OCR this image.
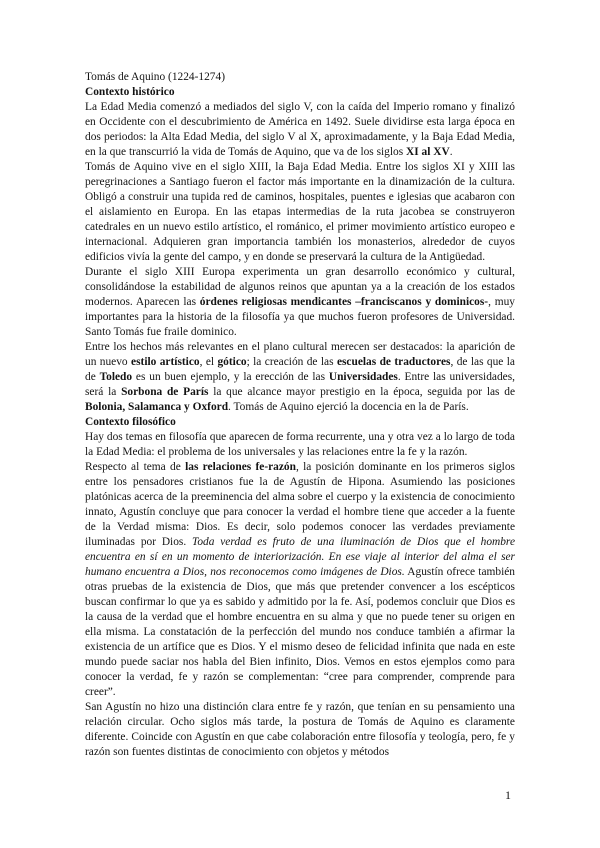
Tomás de Aquino (1224-1274)

Contexto histórico

La Edad Media comenzó a mediados del siglo V, con la caída del Imperio romano y finalizó en Occidente con el descubrimiento de América en 1492. Suele dividirse esta larga época en dos periodos: la Alta Edad Media, del siglo V al X, aproximadamente, y la Baja Edad Media, en la que transcurrió la vida de Tomás de Aquino, que va de los siglos XI al XV.

Tomás de Aquino vive en el siglo XIII, la Baja Edad Media. Entre los siglos XI y XIII las peregrinaciones a Santiago fueron el factor más importante en la dinamización de la cultura. Obligó a construir una tupida red de caminos, hospitales, puentes e iglesias que acabaron con el aislamiento en Europa. En las etapas intermedias de la ruta jacobea se construyeron catedrales en un nuevo estilo artístico, el románico, el primer movimiento artístico europeo e internacional. Adquieren gran importancia también los monasterios, alrededor de cuyos edificios vivía la gente del campo, y en donde se preservará la cultura de la Antigüedad.

Durante el siglo XIII Europa experimenta un gran desarrollo económico y cultural, consolidándose la estabilidad de algunos reinos que apuntan ya a la creación de los estados modernos. Aparecen las órdenes religiosas mendicantes –franciscanos y dominicos-, muy importantes para la historia de la filosofía ya que muchos fueron profesores de Universidad. Santo Tomás fue fraile dominico.

Entre los hechos más relevantes en el plano cultural merecen ser destacados: la aparición de un nuevo estilo artístico, el gótico; la creación de las escuelas de traductores, de las que la de Toledo es un buen ejemplo, y la erección de las Universidades. Entre las universidades, será la Sorbona de París la que alcance mayor prestigio en la época, seguida por las de Bolonia, Salamanca y Oxford. Tomás de Aquino ejerció la docencia en la de París.

Contexto filosófico

Hay dos temas en filosofía que aparecen de forma recurrente, una y otra vez a lo largo de toda la Edad Media: el problema de los universales y las relaciones entre la fe y la razón.

Respecto al tema de las relaciones fe-razón, la posición dominante en los primeros siglos entre los pensadores cristianos fue la de Agustín de Hipona. Asumiendo las posiciones platónicas acerca de la preeminencia del alma sobre el cuerpo y la existencia de conocimiento innato, Agustín concluye que para conocer la verdad el hombre tiene que acceder a la fuente de la Verdad misma: Dios. Es decir, solo podemos conocer las verdades previamente iluminadas por Dios. Toda verdad es fruto de una iluminación de Dios que el hombre encuentra en sí en un momento de interiorización. En ese viaje al interior del alma el ser humano encuentra a Dios, nos reconocemos como imágenes de Dios. Agustín ofrece también otras pruebas de la existencia de Dios, que más que pretender convencer a los escépticos buscan confirmar lo que ya es sabido y admitido por la fe. Así, podemos concluir que Dios es la causa de la verdad que el hombre encuentra en su alma y que no puede tener su origen en ella misma. La constatación de la perfección del mundo nos conduce también a afirmar la existencia de un artífice que es Dios. Y el mismo deseo de felicidad infinita que nada en este mundo puede saciar nos habla del Bien infinito, Dios. Vemos en estos ejemplos como para conocer la verdad, fe y razón se complementan: “cree para comprender, comprende para creer”.

San Agustín no hizo una distinción clara entre fe y razón, que tenían en su pensamiento una relación circular. Ocho siglos más tarde, la postura de Tomás de Aquino es claramente diferente. Coincide con Agustín en que cabe colaboración entre filosofía y teología, pero, fe y razón son fuentes distintas de conocimiento con objetos y métodos

1
